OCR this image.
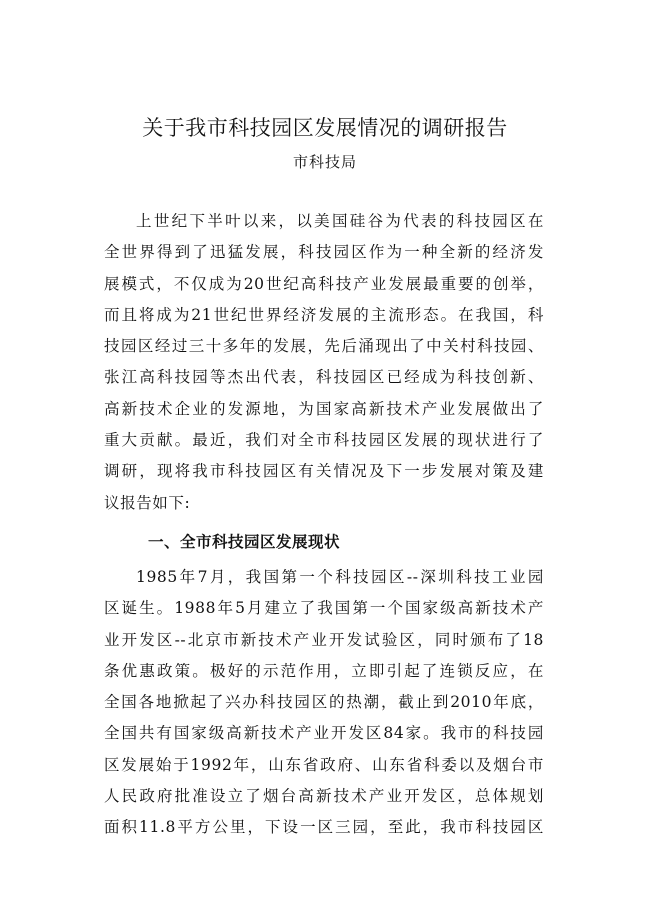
关于我市科技园区发展情况的调研报告
市科技局
上世纪下半叶以来，以美国硅谷为代表的科技园区在
全世界得到了迅猛发展，科技园区作为一种全新的经济发
展模式，不仅成为20世纪高科技产业发展最重要的创举，
而且将成为21世纪世界经济发展的主流形态。在我国，科
技园区经过三十多年的发展，先后涌现出了中关村科技园、
张江高科技园等杰出代表，科技园区已经成为科技创新、
高新技术企业的发源地，为国家高新技术产业发展做出了
重大贡献。最近，我们对全市科技园区发展的现状进行了
调研，现将我市科技园区有关情况及下一步发展对策及建
议报告如下:
一、全市科技园区发展现状
1985年7月，我国第一个科技园区--深圳科技工业园
区诞生。1988年5月建立了我国第一个国家级高新技术产
业开发区--北京市新技术产业开发试验区，同时颁布了18
条优惠政策。极好的示范作用，立即引起了连锁反应，在
全国各地掀起了兴办科技园区的热潮，截止到2010年底，
全国共有国家级高新技术产业开发区84家。我市的科技园
区发展始于1992年，山东省政府、山东省科委以及烟台市
人民政府批准设立了烟台高新技术产业开发区，总体规划
面积11.8平方公里，下设一区三园，至此，我市科技园区
